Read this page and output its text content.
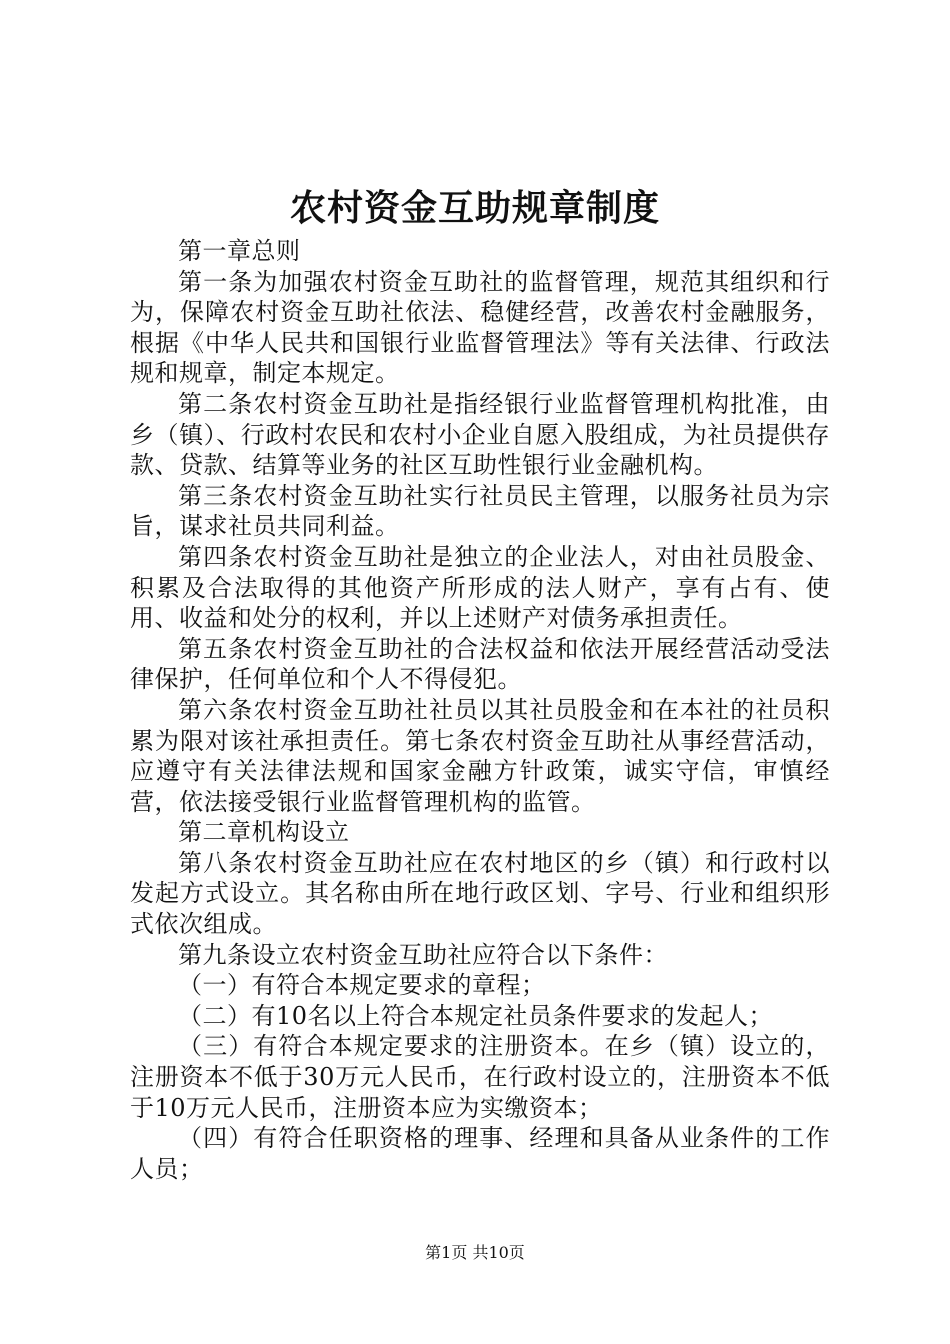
农村资金互助规章制度

第一章总则

第一条为加强农村资金互助社的监督管理，规范其组织和行为，保障农村资金互助社依法、稳健经营，改善农村金融服务，根据《中华人民共和国银行业监督管理法》等有关法律、行政法规和规章，制定本规定。

第二条农村资金互助社是指经银行业监督管理机构批准，由乡（镇）、行政村农民和农村小企业自愿入股组成，为社员提供存款、贷款、结算等业务的社区互助性银行业金融机构。

第三条农村资金互助社实行社员民主管理，以服务社员为宗旨，谋求社员共同利益。

第四条农村资金互助社是独立的企业法人，对由社员股金、积累及合法取得的其他资产所形成的法人财产，享有占有、使用、收益和处分的权利，并以上述财产对债务承担责任。

第五条农村资金互助社的合法权益和依法开展经营活动受法律保护，任何单位和个人不得侵犯。

第六条农村资金互助社社员以其社员股金和在本社的社员积累为限对该社承担责任。第七条农村资金互助社从事经营活动，应遵守有关法律法规和国家金融方针政策，诚实守信，审慎经营，依法接受银行业监督管理机构的监管。

第二章机构设立

第八条农村资金互助社应在农村地区的乡（镇）和行政村以发起方式设立。其名称由所在地行政区划、字号、行业和组织形式依次组成。

第九条设立农村资金互助社应符合以下条件：

（一）有符合本规定要求的章程；

（二）有10名以上符合本规定社员条件要求的发起人；

（三）有符合本规定要求的注册资本。在乡（镇）设立的，注册资本不低于30万元人民币，在行政村设立的，注册资本不低于10万元人民币，注册资本应为实缴资本；

（四）有符合任职资格的理事、经理和具备从业条件的工作人员；

第1页 共10页
